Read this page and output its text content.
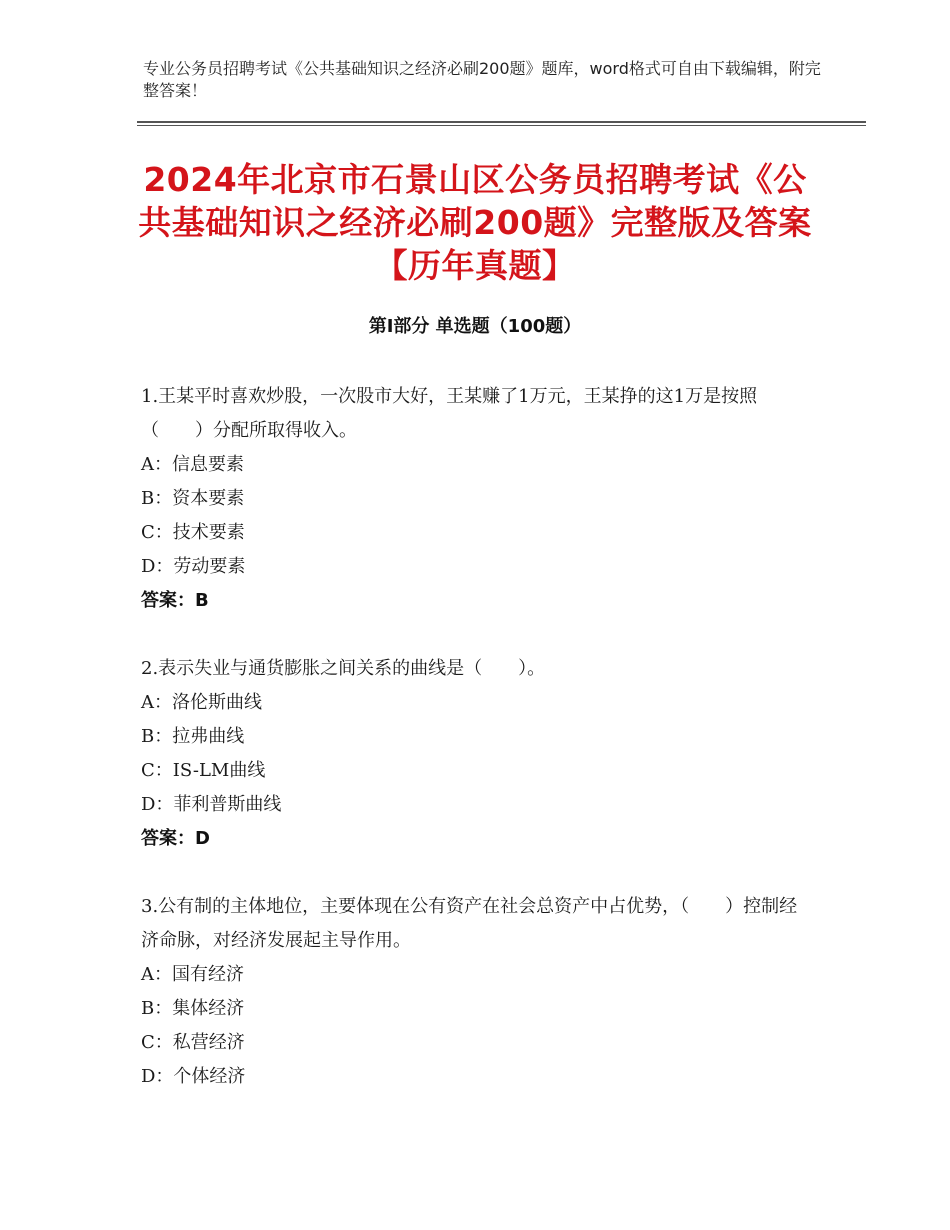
专业公务员招聘考试《公共基础知识之经济必刷200题》题库，word格式可自由下载编辑，附完整答案！
2024年北京市石景山区公务员招聘考试《公共基础知识之经济必刷200题》完整版及答案【历年真题】
第Ⅰ部分 单选题（100题）

1.王某平时喜欢炒股，一次股市大好，王某赚了1万元，王某挣的这1万是按照（　　）分配所取得收入。

A：信息要素

B：资本要素

C：技术要素

D：劳动要素

答案：B

2.表示失业与通货膨胀之间关系的曲线是（　　）。

A：洛伦斯曲线

B：拉弗曲线

C：IS-LM曲线

D：菲利普斯曲线

答案：D

3.公有制的主体地位，主要体现在公有资产在社会总资产中占优势，（　　）控制经济命脉，对经济发展起主导作用。

A：国有经济

B：集体经济

C：私营经济

D：个体经济
